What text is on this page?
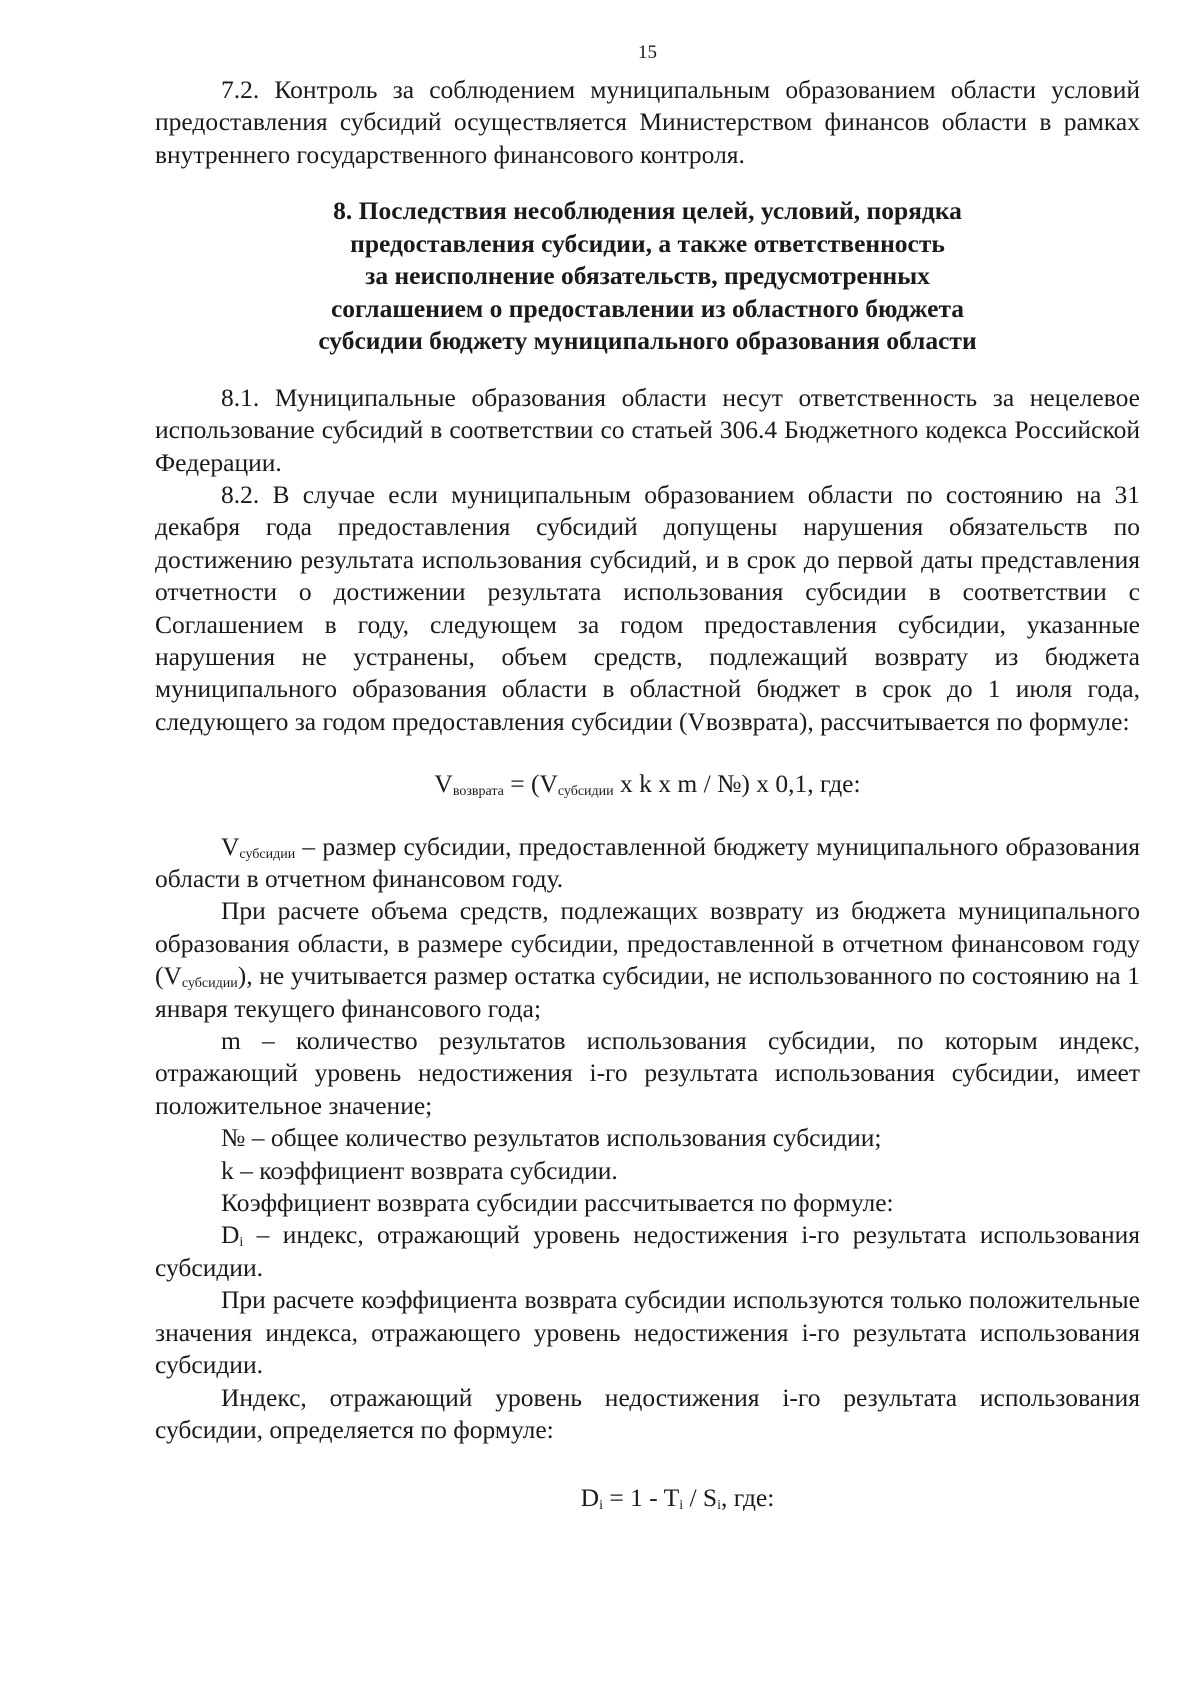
15

7.2. Контроль за соблюдением муниципальным образованием области условий предоставления субсидий осуществляется Министерством финансов области в рамках внутреннего государственного финансового контроля.

8. Последствия несоблюдения целей, условий, порядка
предоставления субсидии, а также ответственность
за неисполнение обязательств, предусмотренных
соглашением о предоставлении из областного бюджета
субсидии бюджету муниципального образования области

8.1. Муниципальные образования области несут ответственность за нецелевое использование субсидий в соответствии со статьей 306.4 Бюджетного кодекса Российской Федерации.

8.2. В случае если муниципальным образованием области по состоянию на 31 декабря года предоставления субсидий допущены нарушения обязательств по достижению результата использования субсидий, и в срок до первой даты представления отчетности о достижении результата использования субсидии в соответствии с Соглашением в году, следующем за годом предоставления субсидии, указанные нарушения не устранены, объем средств, подлежащий возврату из бюджета муниципального образования области в областной бюджет в срок до 1 июля года, следующего за годом предоставления субсидии (Vвозврата), рассчитывается по формуле:

$V_{возврата} = (V_{субсидии}$ x k x m / №) x 0,1, где:

$V_{субсидии}$ – размер субсидии, предоставленной бюджету муниципального образования области в отчетном финансовом году.

При расчете объема средств, подлежащих возврату из бюджета муниципального образования области, в размере субсидии, предоставленной в отчетном финансовом году $(V_{субсидии})$, не учитывается размер остатка субсидии, не использованного по состоянию на 1 января текущего финансового года;

m – количество результатов использования субсидии, по которым индекс, отражающий уровень недостижения i-го результата использования субсидии, имеет положительное значение;

№ – общее количество результатов использования субсидии;

k – коэффициент возврата субсидии.

Коэффициент возврата субсидии рассчитывается по формуле:

$D_i$ – индекс, отражающий уровень недостижения i-го результата использования субсидии.

При расчете коэффициента возврата субсидии используются только положительные значения индекса, отражающего уровень недостижения i-го результата использования субсидии.

Индекс, отражающий уровень недостижения i-го результата использования субсидии, определяется по формуле:

$D_i = 1 - T_i / S_i$, где:
